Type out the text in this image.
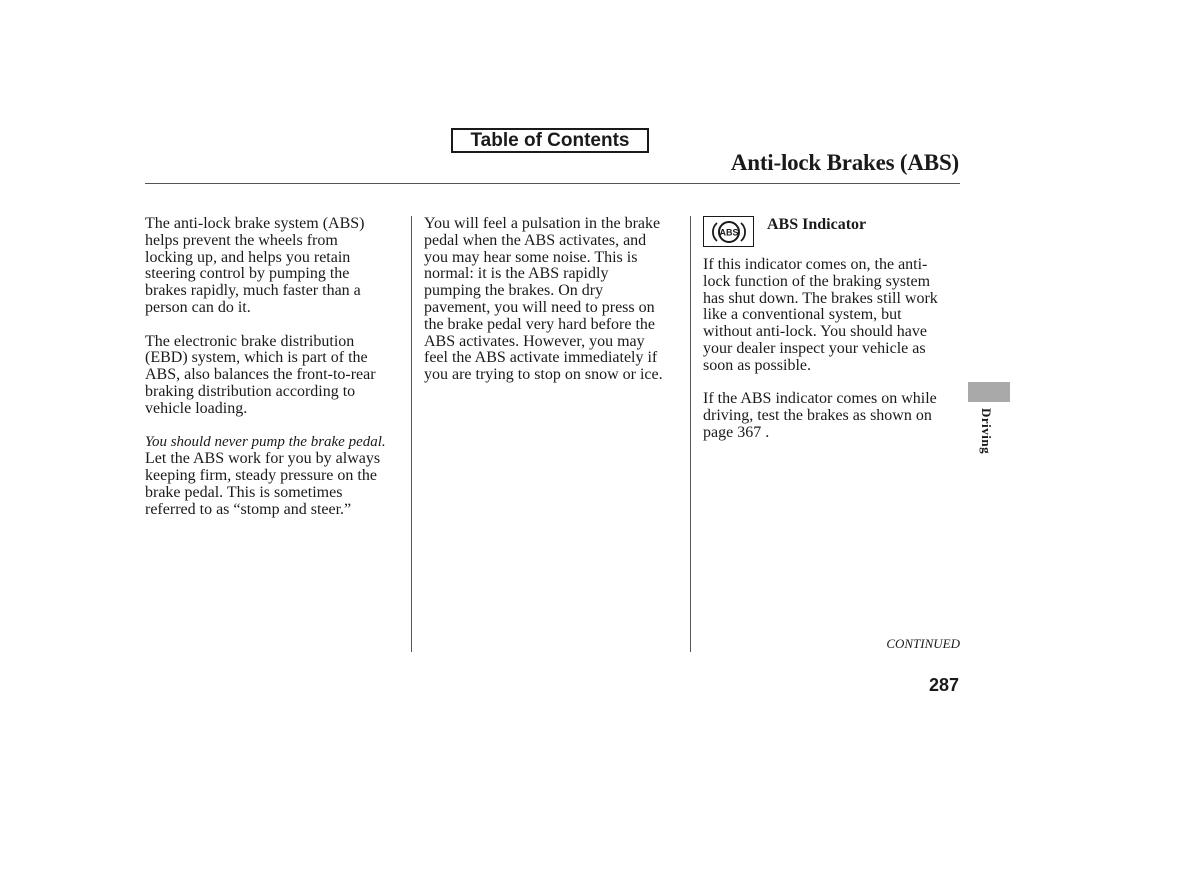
Table of Contents
Anti-lock Brakes (ABS)

The anti-lock brake system (ABS)
helps prevent the wheels from
locking up, and helps you retain
steering control by pumping the
brakes rapidly, much faster than a
person can do it.

The electronic brake distribution
(EBD) system, which is part of the
ABS, also balances the front-to-rear
braking distribution according to
vehicle loading.

You should never pump the brake pedal.
Let the ABS work for you by always
keeping firm, steady pressure on the
brake pedal. This is sometimes
referred to as “stomp and steer.”

You will feel a pulsation in the brake
pedal when the ABS activates, and
you may hear some noise. This is
normal: it is the ABS rapidly
pumping the brakes. On dry
pavement, you will need to press on
the brake pedal very hard before the
ABS activates. However, you may
feel the ABS activate immediately if
you are trying to stop on snow or ice.

ABS ABS Indicator

If this indicator comes on, the anti-
lock function of the braking system
has shut down. The brakes still work
like a conventional system, but
without anti-lock. You should have
your dealer inspect your vehicle as
soon as possible.

If the ABS indicator comes on while
driving, test the brakes as shown on
page 367 .	Driving
CONTINUED
287
